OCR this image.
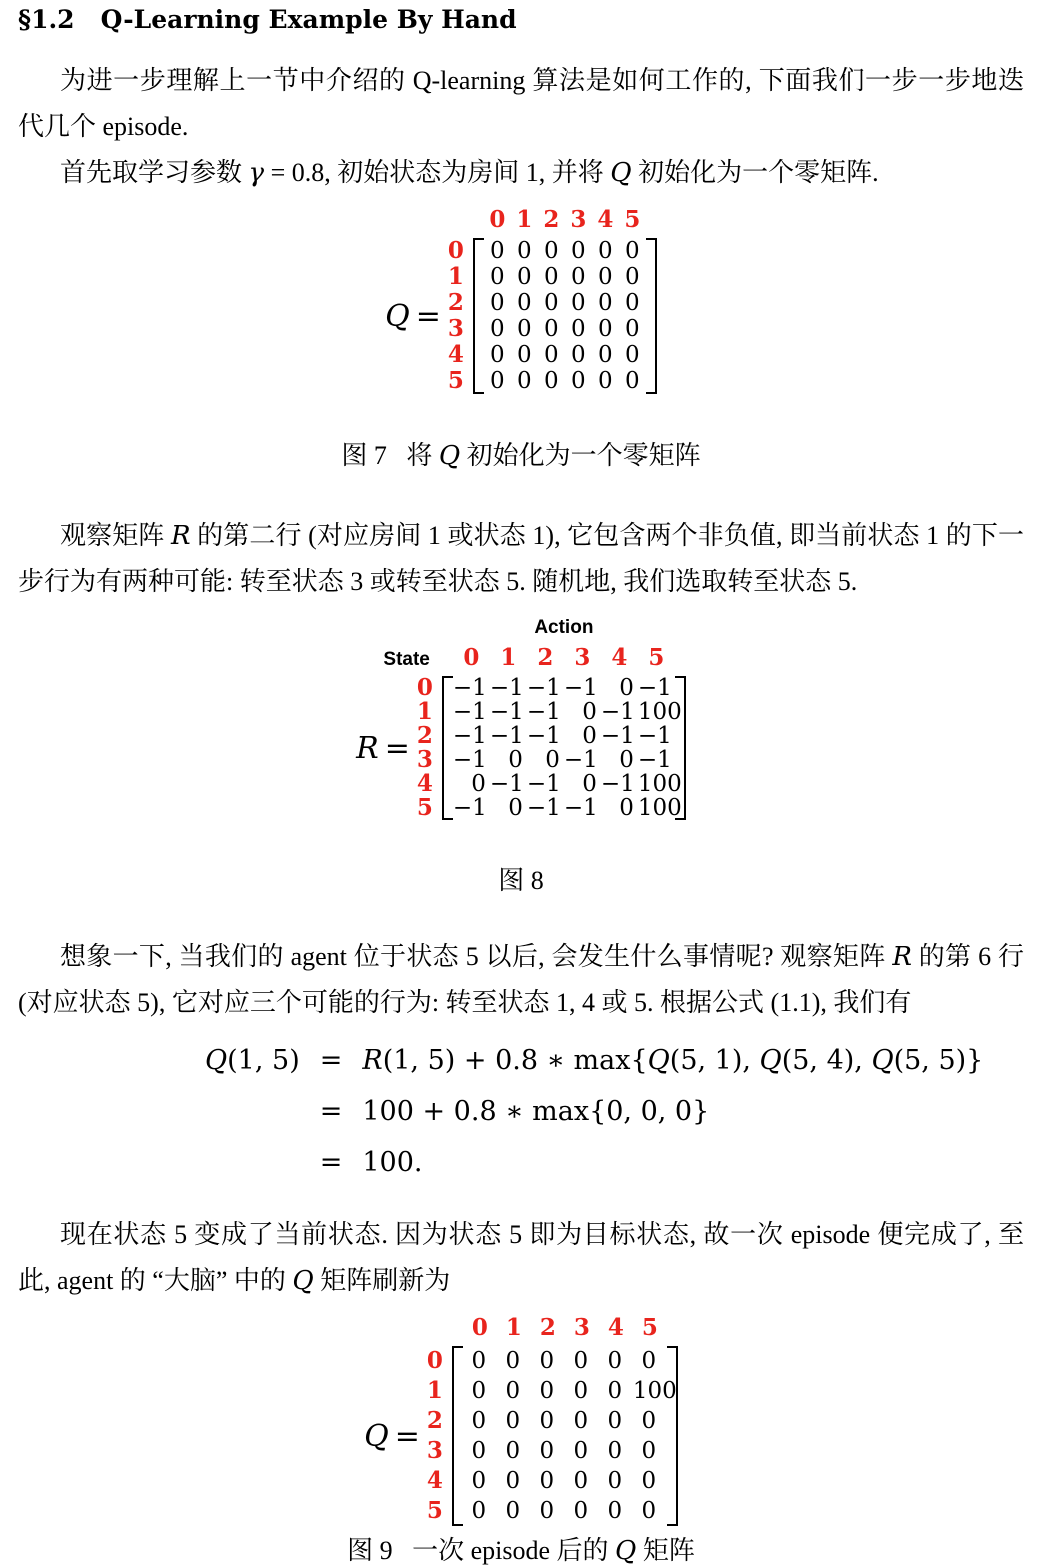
§1.2 Q-Learning Example By Hand

为进一步理解上一节中介绍的 Q-learning 算法是如何工作的, 下面我们一步一步地迭代几个 episode.

首先取学习参数 γ = 0.8, 初始状态为房间 1, 并将 Q 初始化为一个零矩阵.

0 1 2 3 4 5
Q =
0
1
2
3
4
5
0 0 0 0 0 0
0 0 0 0 0 0
0 0 0 0 0 0
0 0 0 0 0 0
0 0 0 0 0 0
0 0 0 0 0 0
图 7  将 Q 初始化为一个零矩阵

观察矩阵 R 的第二行 (对应房间 1 或状态 1), 它包含两个非负值, 即当前状态 1 的下一步行为有两种可能: 转至状态 3 或转至状态 5. 随机地, 我们选取转至状态 5.

Action
State	0 1 2 3 4 5
R =
0
1
2
3
4
5
−1 −1 −1 −1 0 −1
−1 −1 −1 0 −1 100
−1 −1 −1 0 −1 −1
−1 0 0 −1 0 −1
0 −1 −1 0 −1 100
−1 0 −1 −1 0 100
图 8

想象一下, 当我们的 agent 位于状态 5 以后, 会发生什么事情呢? 观察矩阵 R 的第 6 行 (对应状态 5), 它对应三个可能的行为: 转至状态 1, 4 或 5. 根据公式 (1.1), 我们有

Q(1, 5) = R(1, 5) + 0.8 ∗ max{Q(5, 1), Q(5, 4), Q(5, 5)}
= 100 + 0.8 ∗ max{0, 0, 0}
= 100.

现在状态 5 变成了当前状态. 因为状态 5 即为目标状态, 故一次 episode 便完成了, 至此, agent 的 “大脑” 中的 Q 矩阵刷新为

0 1 2 3 4 5
Q =
0
1
2
3
4
5
0 0 0 0 0 0
0 0 0 0 0 100
0 0 0 0 0 0
0 0 0 0 0 0
0 0 0 0 0 0
0 0 0 0 0 0
图 9  一次 episode 后的 Q 矩阵
